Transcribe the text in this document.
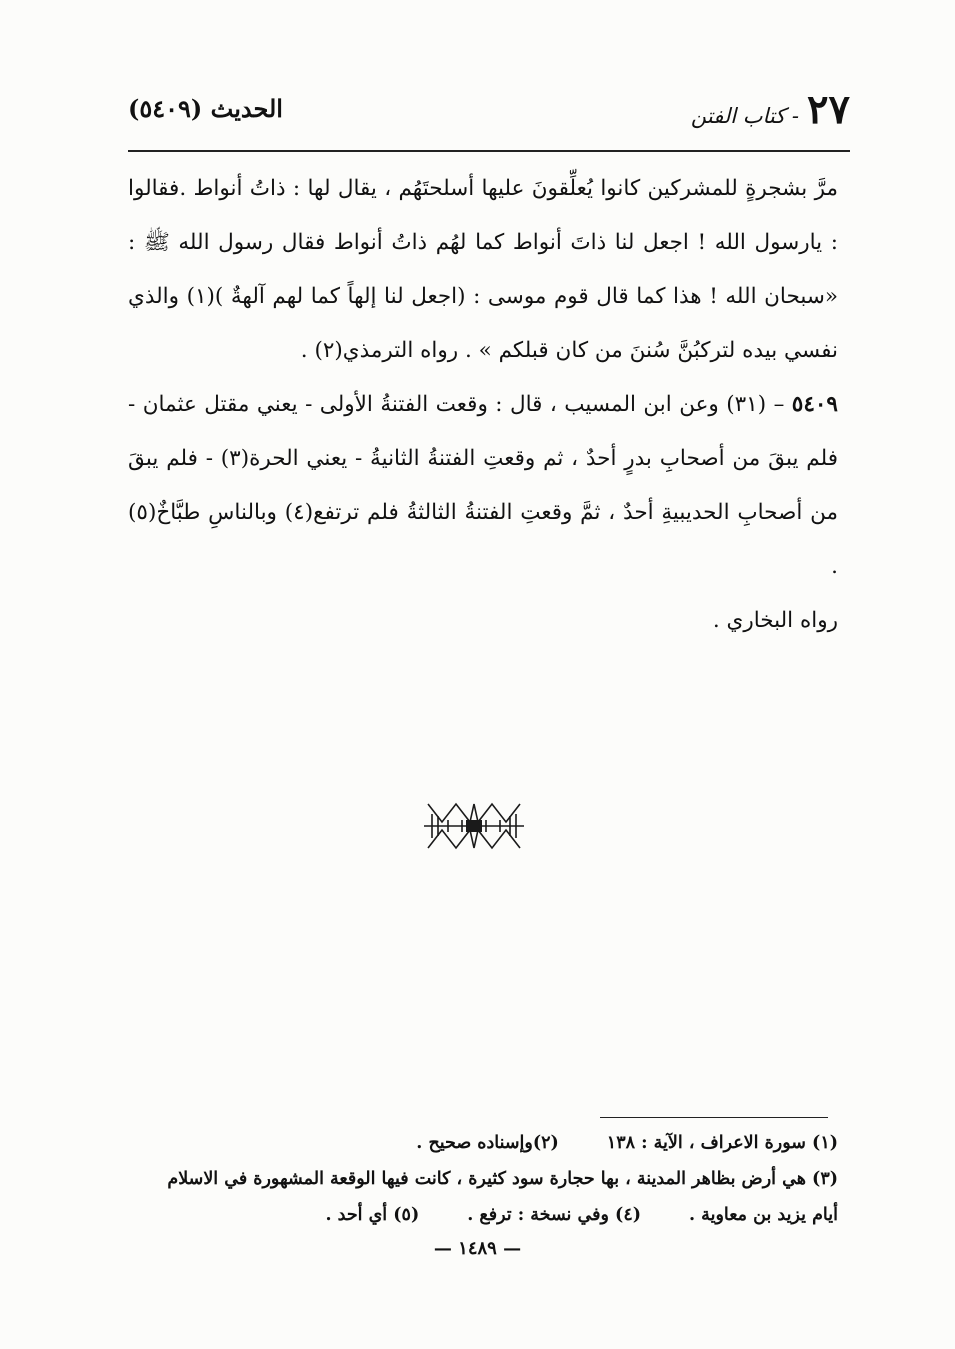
٢٧
- كتاب الفتن
الحديث (٥٤٠٩)

مرَّ بشجرةٍ للمشركين كانوا يُعلِّقونَ عليها أسلحتَهُم ، يقال لها : ذاتُ أنواط .فقالوا : يارسول الله ! اجعل لنا ذاتَ أنواط كما لهُم ذاتُ أنواط فقال رسول الله ﷺ : «سبحان الله ! هذا كما قال قوم موسى : (اجعل لنا إلهاً كما لهم آلهةٌ )(١) والذي نفسي بيده لتركبُنَّ سُننَ من كان قبلكم » . رواه الترمذي(٢) .

٥٤٠٩ – (٣١) وعن ابن المسيب ، قال : وقعت الفتنةُ الأولى - يعني مقتل عثمان - فلم يبقَ من أصحابِ بدرٍ أحدٌ ، ثم وقعتِ الفتنةُ الثانيةُ - يعني الحرة(٣) - فلم يبقَ من أصحابِ الحديبيةِ أحدٌ ، ثمَّ وقعتِ الفتنةُ الثالثةُ فلم ترتفع(٤) وبالناسِ طبَّاخٌ(٥) .

رواه البخاري .

(١) سورة الاعراف ، الآية : ١٣٨
(٢)وإسناده صحيح .
(٣) هي أرض بظاهر المدينة ، بها حجارة سود كثيرة ، كانت فيها الوقعة المشهورة في الاسلام
أيام يزيد بن معاوية .
(٤) وفي نسخة : ترفع .
(٥) أي أحد .
— ١٤٨٩ —
